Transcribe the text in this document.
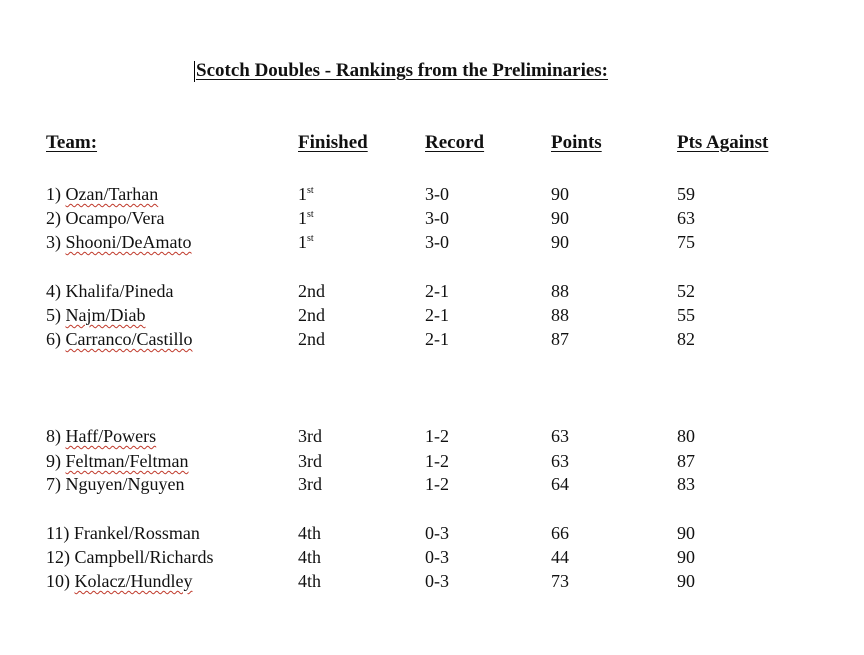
Scotch Doubles - Rankings from the Preliminaries:
Team:	Finished	Record	Points	Pts Against
1) Ozan/Tarhan	1st	3-0	90	59
2) Ocampo/Vera	1st	3-0	90	63
3) Shooni/DeAmato	1st	3-0	90	75
4) Khalifa/Pineda	2nd	2-1	88	52
5) Najm/Diab	2nd	2-1	88	55
6) Carranco/Castillo	2nd	2-1	87	82
8) Haff/Powers	3rd	1-2	63	80
9) Feltman/Feltman	3rd	1-2	63	87
7) Nguyen/Nguyen	3rd	1-2	64	83
11) Frankel/Rossman	4th	0-3	66	90
12) Campbell/Richards	4th	0-3	44	90
10) Kolacz/Hundley	4th	0-3	73	90
